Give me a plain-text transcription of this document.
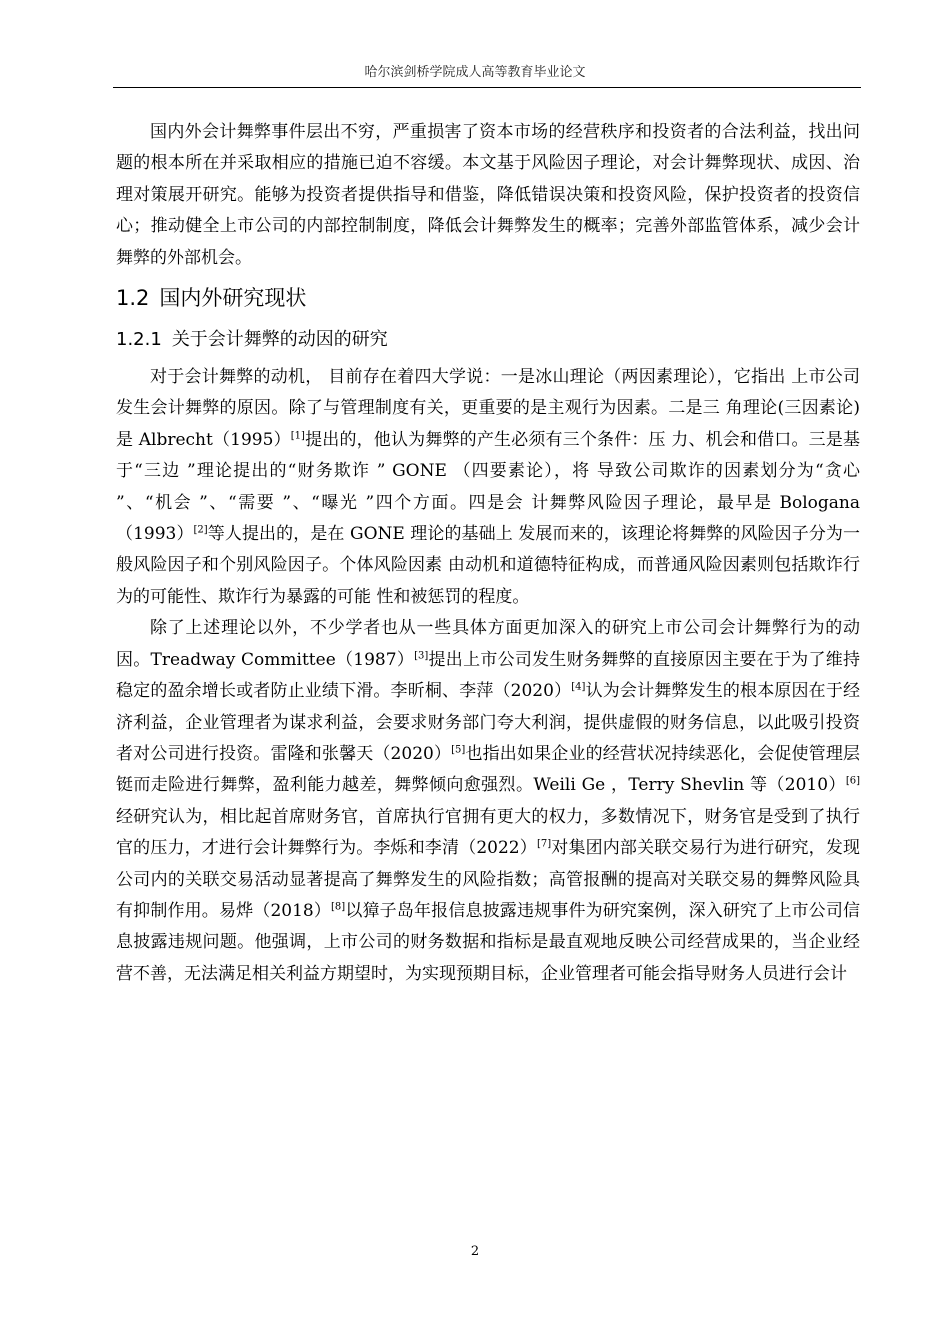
哈尔滨剑桥学院成人高等教育毕业论文

国内外会计舞弊事件层出不穷，严重损害了资本市场的经营秩序和投资者的合法利益，找出问题的根本所在并采取相应的措施已迫不容缓。本文基于风险因子理论，对会计舞弊现状、成因、治理对策展开研究。能够为投资者提供指导和借鉴，降低错误决策和投资风险，保护投资者的投资信心；推动健全上市公司的内部控制制度，降低会计舞弊发生的概率；完善外部监管体系，减少会计舞弊的外部机会。

1.2 国内外研究现状
1.2.1 关于会计舞弊的动因的研究

对于会计舞弊的动机， 目前存在着四大学说：一是冰山理论（两因素理论），它指出 上市公司发生会计舞弊的原因。除了与管理制度有关，更重要的是主观行为因素。二是三 角理论(三因素论) 是 Albrecht（1995）[1]提出的，他认为舞弊的产生必须有三个条件：压 力、机会和借口。三是基于“三边 ”理论提出的“财务欺诈 ” GONE （四要素论），将 导致公司欺诈的因素划分为“贪心 ”、“机会 ”、“需要 ”、“曝光 ”四个方面。四是会 计舞弊风险因子理论，最早是 Bologana（1993）[2]等人提出的，是在 GONE 理论的基础上 发展而来的，该理论将舞弊的风险因子分为一般风险因子和个别风险因子。个体风险因素 由动机和道德特征构成，而普通风险因素则包括欺诈行为的可能性、欺诈行为暴露的可能 性和被惩罚的程度。

除了上述理论以外，不少学者也从一些具体方面更加深入的研究上市公司会计舞弊行为的动因。Treadway Committee（1987）[3]提出上市公司发生财务舞弊的直接原因主要在于为了维持稳定的盈余增长或者防止业绩下滑。李昕桐、李萍（2020）[4]认为会计舞弊发生的根本原因在于经济利益，企业管理者为谋求利益，会要求财务部门夸大利润，提供虚假的财务信息，以此吸引投资者对公司进行投资。雷隆和张馨天（2020）[5]也指出如果企业的经营状况持续恶化，会促使管理层铤而走险进行舞弊，盈利能力越差，舞弊倾向愈强烈。Weili Ge ，Terry Shevlin 等（2010）[6]经研究认为，相比起首席财务官，首席执行官拥有更大的权力，多数情况下，财务官是受到了执行官的压力，才进行会计舞弊行为。李烁和李清（2022）[7]对集团内部关联交易行为进行研究，发现公司内的关联交易活动显著提高了舞弊发生的风险指数；高管报酬的提高对关联交易的舞弊风险具有抑制作用。易烨（2018）[8]以獐子岛年报信息披露违规事件为研究案例，深入研究了上市公司信息披露违规问题。他强调，上市公司的财务数据和指标是最直观地反映公司经营成果的，当企业经营不善，无法满足相关利益方期望时，为实现预期目标，企业管理者可能会指导财务人员进行会计

2
